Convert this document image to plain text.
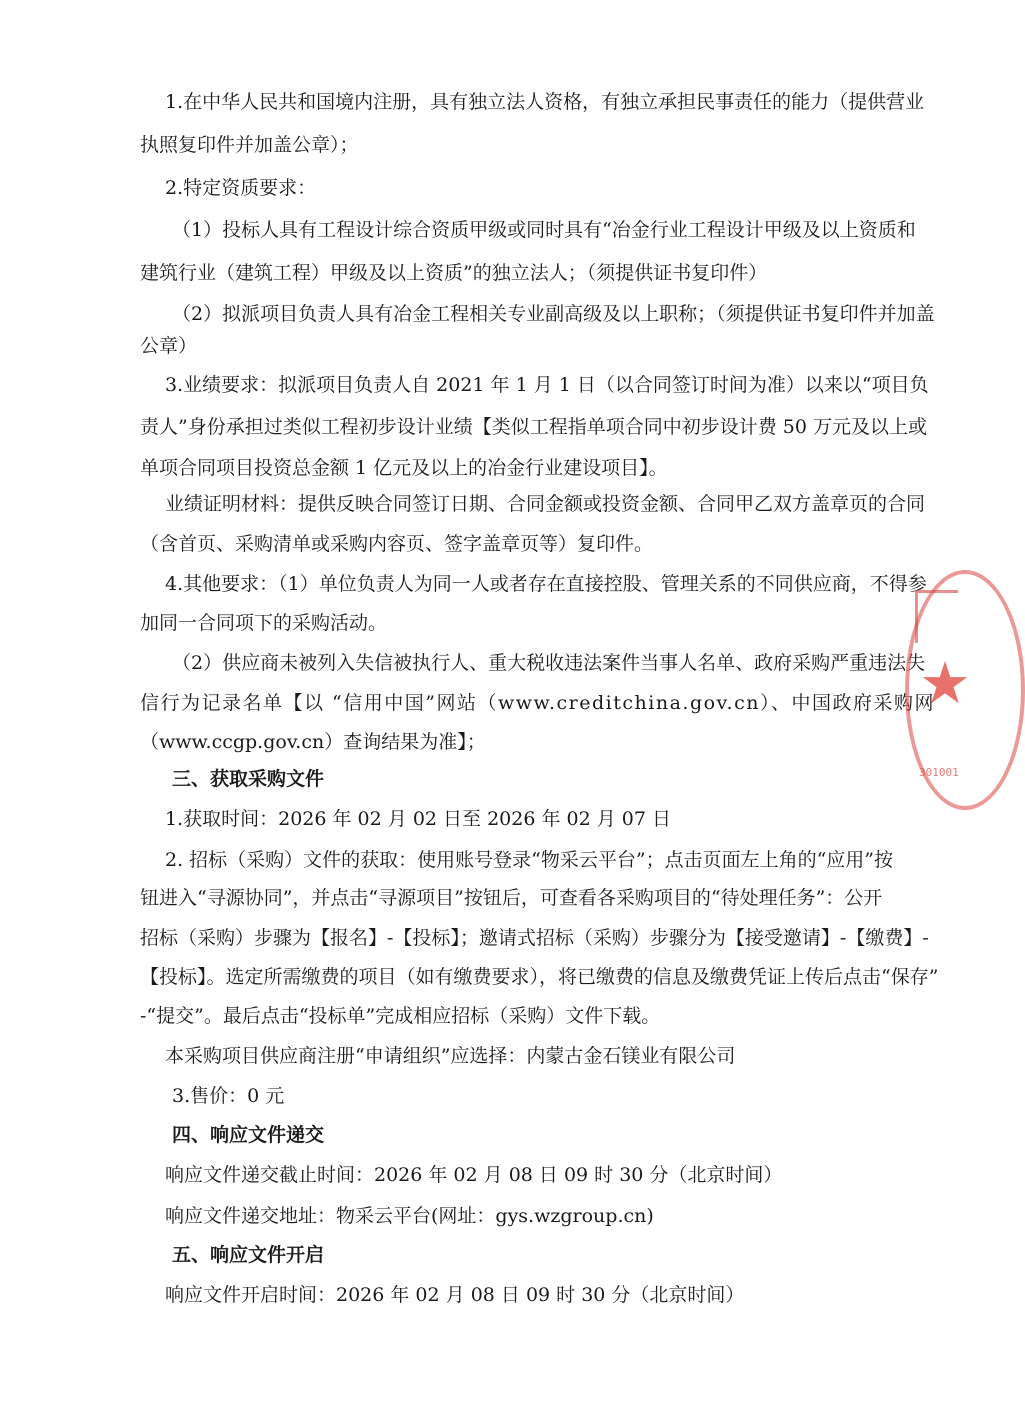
1.在中华人民共和国境内注册，具有独立法人资格，有独立承担民事责任的能力（提供营业
执照复印件并加盖公章）；
2.特定资质要求：
（1）投标人具有工程设计综合资质甲级或同时具有“冶金行业工程设计甲级及以上资质和
建筑行业（建筑工程）甲级及以上资质”的独立法人；（须提供证书复印件）
（2）拟派项目负责人具有冶金工程相关专业副高级及以上职称；（须提供证书复印件并加盖
公章）
3.业绩要求：拟派项目负责人自 2021 年 1 月 1 日（以合同签订时间为准）以来以“项目负
责人”身份承担过类似工程初步设计业绩【类似工程指单项合同中初步设计费 50 万元及以上或
单项合同项目投资总金额 1 亿元及以上的冶金行业建设项目】。
业绩证明材料：提供反映合同签订日期、合同金额或投资金额、合同甲乙双方盖章页的合同
（含首页、采购清单或采购内容页、签字盖章页等）复印件。
4.其他要求：（1）单位负责人为同一人或者存在直接控股、管理关系的不同供应商，不得参
加同一合同项下的采购活动。
（2）供应商未被列入失信被执行人、重大税收违法案件当事人名单、政府采购严重违法失
信行为记录名单【以 “信用中国”网站（www.creditchina.gov.cn）、中国政府采购网
（www.ccgp.gov.cn）查询结果为准】；
三、获取采购文件
1.获取时间：2026 年 02 月 02 日至 2026 年 02 月 07 日
2. 招标（采购）文件的获取：使用账号登录“物采云平台”；点击页面左上角的“应用”按
钮进入“寻源协同”，并点击“寻源项目”按钮后，可查看各采购项目的“待处理任务”：公开
招标（采购）步骤为【报名】-【投标】；邀请式招标（采购）步骤分为【接受邀请】-【缴费】-
【投标】。选定所需缴费的项目（如有缴费要求），将已缴费的信息及缴费凭证上传后点击“保存”
-“提交”。最后点击“投标单”完成相应招标（采购）文件下载。
本采购项目供应商注册“申请组织”应选择：内蒙古金石镁业有限公司
3.售价：0 元
四、响应文件递交
响应文件递交截止时间：2026 年 02 月 08 日 09 时 30 分（北京时间）
响应文件递交地址：物采云平台(网址：gys.wzgroup.cn)
五、响应文件开启
响应文件开启时间：2026 年 02 月 08 日 09 时 30 分（北京时间）
★
301001
